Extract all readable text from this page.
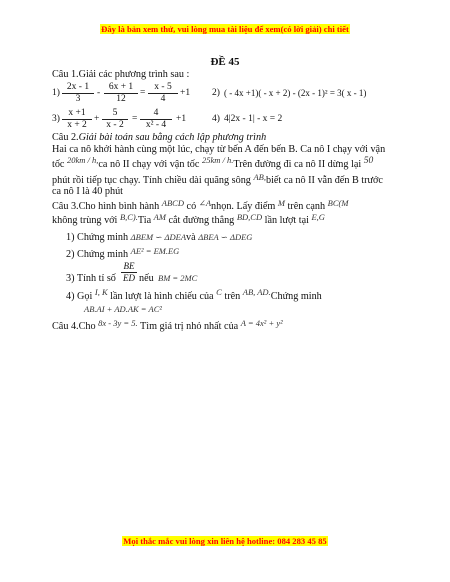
Đây là bản xem thử, vui lòng mua tài liệu để xem(có lời giải) chi tiết
ĐỀ 45
Câu 1.Giải các phương trình sau :
$1) \frac{2x - 1}{3} - \frac{6x + 1}{12} = \frac{x - 5}{4} +1$ 2) ( - 4x +1)( - x + 2) - (2x - 1)² = 3( x - 1)
$3) \frac{x +1}{x + 2} + \frac{5}{x - 2} = \frac{4}{\text{x² - 4}} +1$	4) 4|2x - 1| - x = 2
Câu 2.Giải bài toán sau bằng cách lập phương trình
Hai ca nô khởi hành cùng một lúc, chạy từ bến A đến bến B. Ca nô I chạy với vận
tốc $^{20km / h,}$ca nô II chạy với vận tốc $^{25km / h.}$Trên đường đi ca nô II dừng lại 50
phút rồi tiếp tục chạy. Tính chiều dài quãng sông $^{AB,}$biết ca nô II vẫn đến B trước
ca nô I là 40 phút
Câu 3.Cho hình bình hành $^{ABCD}$ có $^{\angle A}$nhọn. Lấy điểm $^M$ trên cạnh $^{BC(M}$
không trùng với $^{B,C).}$Tia $^{AM}$ cắt đường thẳng $^{BD,CD}$ lần lượt tại $^{E,G}$
1) Chứng minh ΔBEM ∽ ΔDEAvà ΔBEA ∽ ΔDEG
2) Chứng minh $^{AE^2 = EM.EG}$
3) Tính tỉ số $\frac{BE}{ED}$ nếu BM = 2MC
4) Gọi $^{I, K}$ lần lượt là hình chiếu của $^C$ trên $^{AB, AD.}$Chứng minh
AB.AI + AD.AK = AC²
Câu 4.Cho $^{8x - 3y = 5.}$ Tìm giá trị nhỏ nhất của $^{A = 4x^2 + y^2}$
Mọi thắc mắc vui lòng xin liên hệ hotline: 084 283 45 85
